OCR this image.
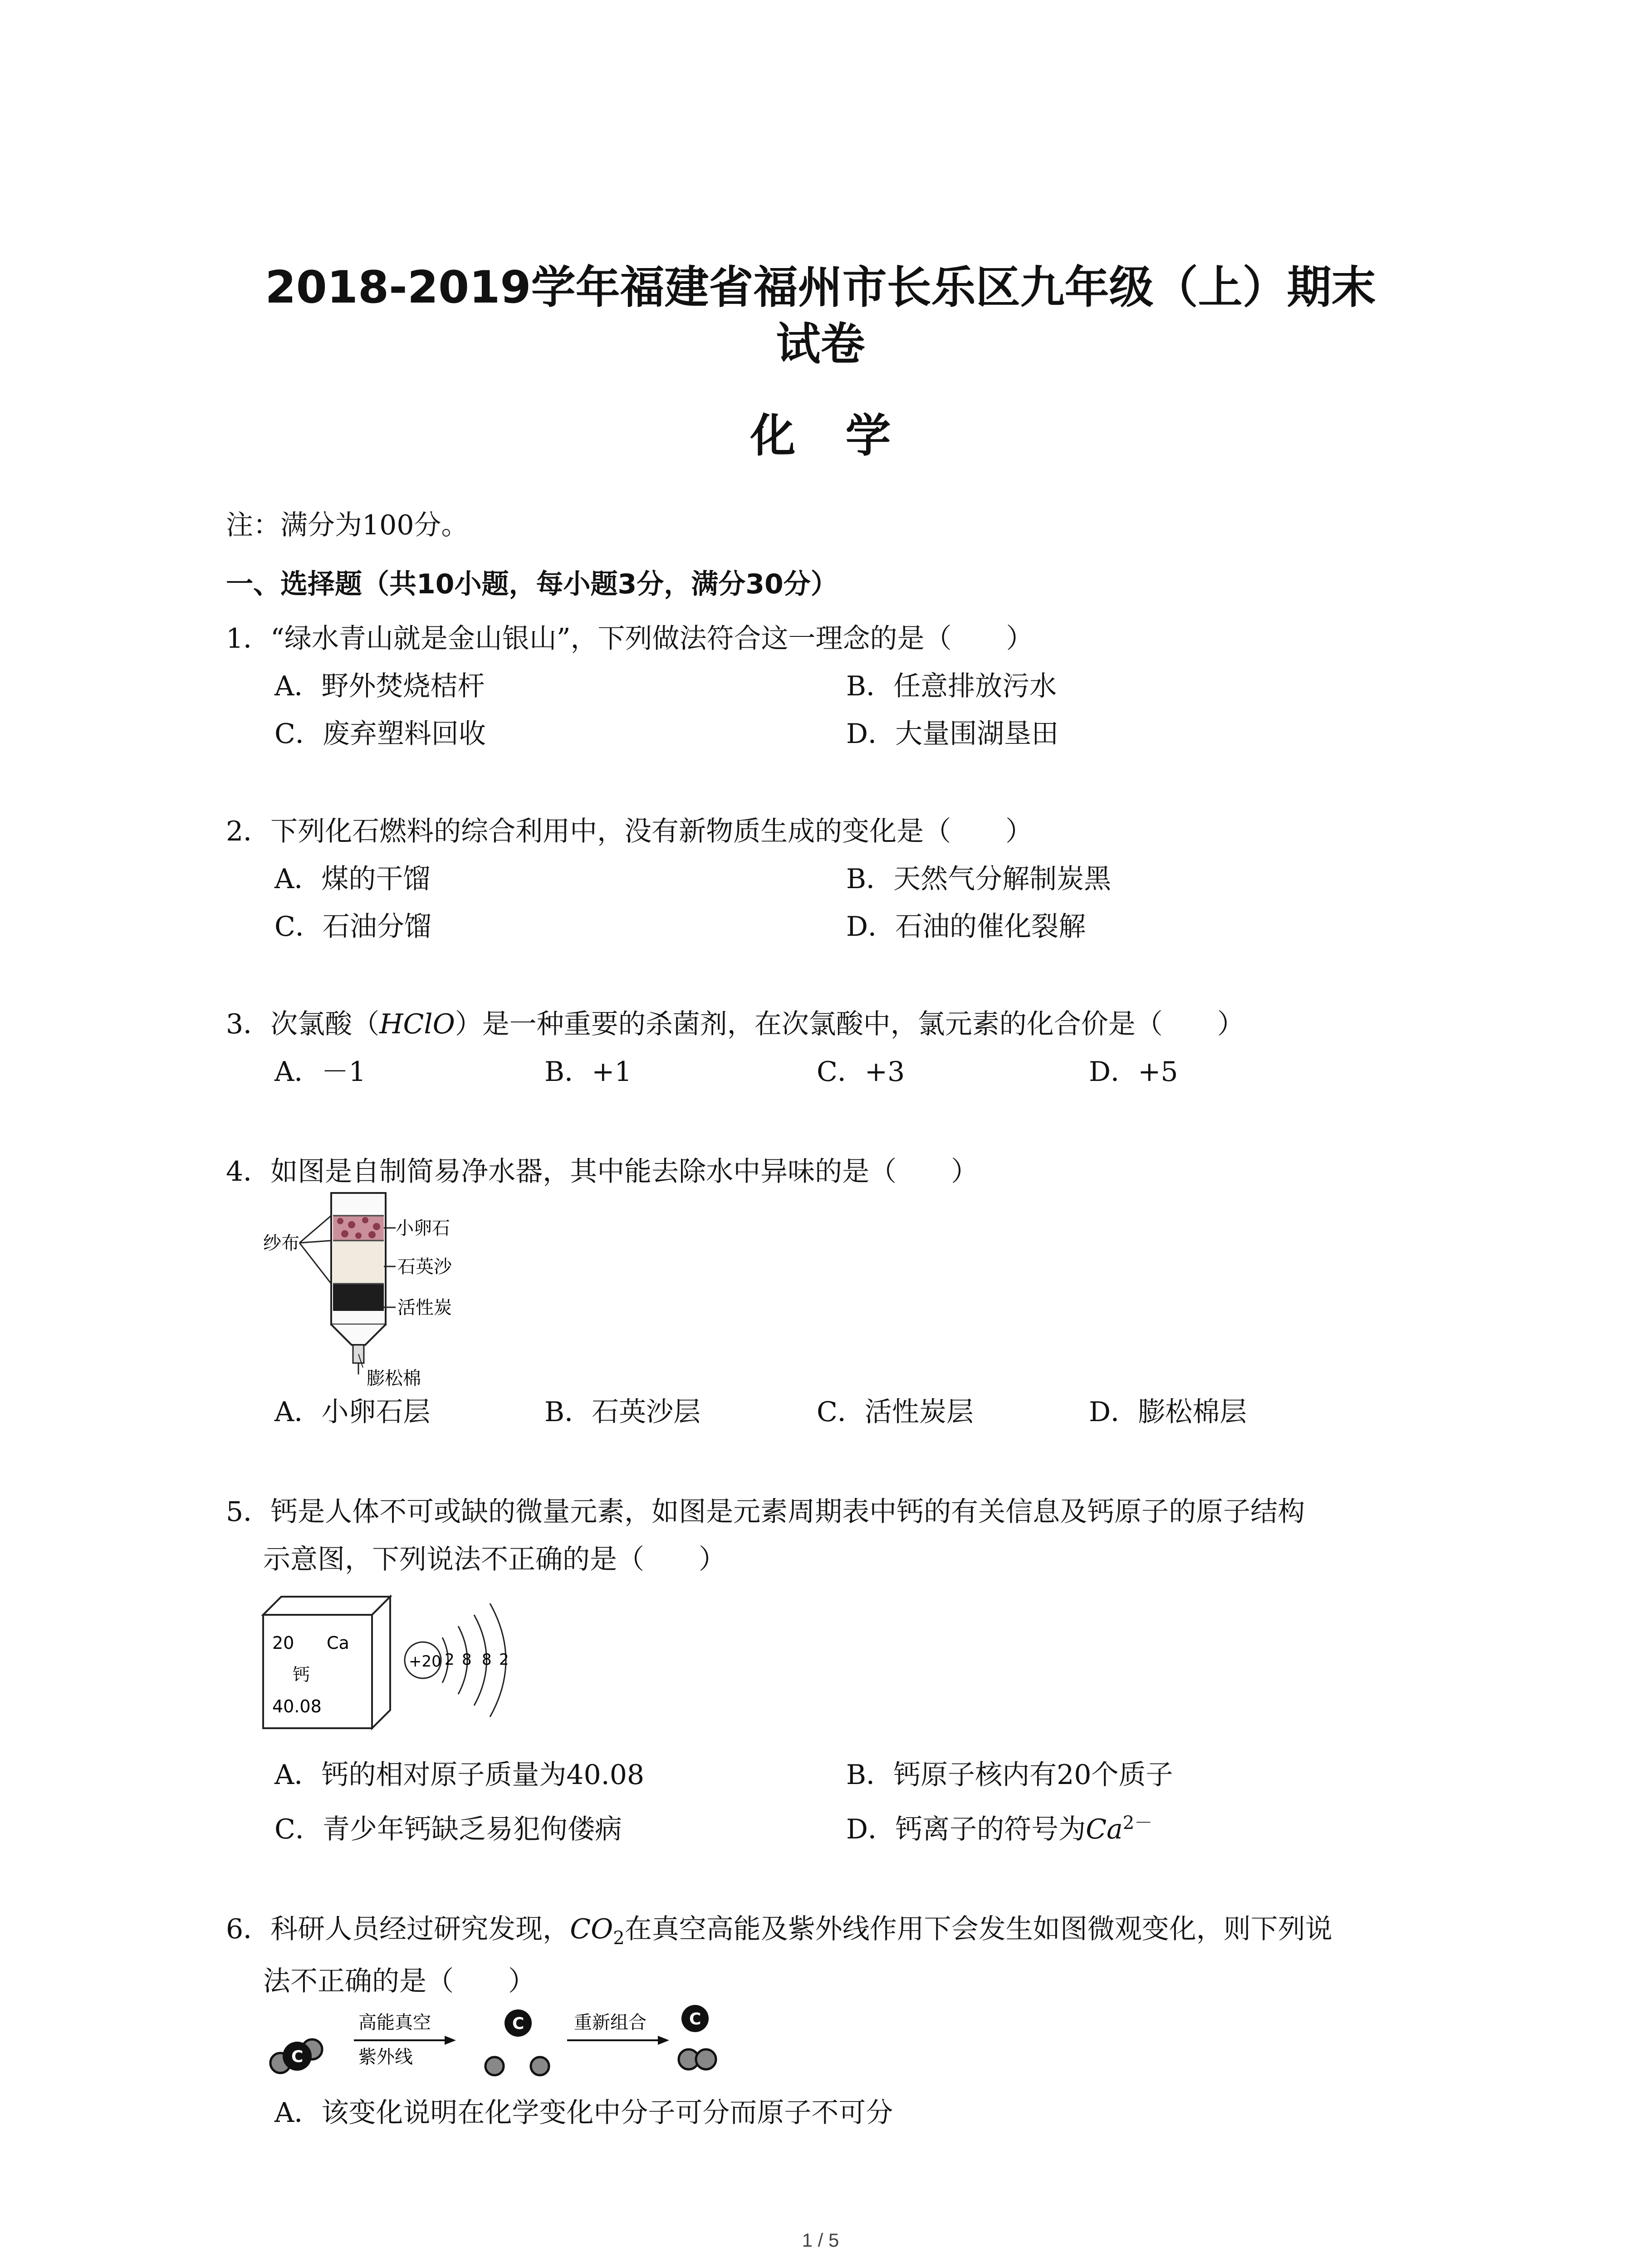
2018-2019学年福建省福州市长乐区九年级（上）期末
试卷
化学
注：满分为100分。
一、选择题（共10小题，每小题3分，满分30分）
1．“绿水青山就是金山银山”，下列做法符合这一理念的是（　　）
A．野外焚烧桔杆	B．任意排放污水
C．废弃塑料回收	D．大量围湖垦田
2．下列化石燃料的综合利用中，没有新物质生成的变化是（　　）
A．煤的干馏	B．天然气分解制炭黑
C．石油分馏	D．石油的催化裂解
3．次氯酸（HClO）是一种重要的杀菌剂，在次氯酸中，氯元素的化合价是（　　）
A．－1	B．+1	C．+3	D．+5
4．如图是自制简易净水器，其中能去除水中异味的是（　　）
纱布
小卵石
石英沙
活性炭
膨松棉
A．小卵石层	B．石英沙层	C．活性炭层	D．膨松棉层
5．钙是人体不可或缺的微量元素，如图是元素周期表中钙的有关信息及钙原子的原子结构
示意图，下列说法不正确的是（　　）
20 Ca
钙
40.08
+20 2 8 8 2
A．钙的相对原子质量为40.08	B．钙原子核内有20个质子
C．青少年钙缺乏易犯佝偻病	D．钙离子的符号为$Ca^{2-}$
6．科研人员经过研究发现，$CO_2$在真空高能及紫外线作用下会发生如图微观变化，则下列说
法不正确的是（　　）
C
高能真空
紫外线
C	重新组合	C
A．该变化说明在化学变化中分子可分而原子不可分
1 / 5
